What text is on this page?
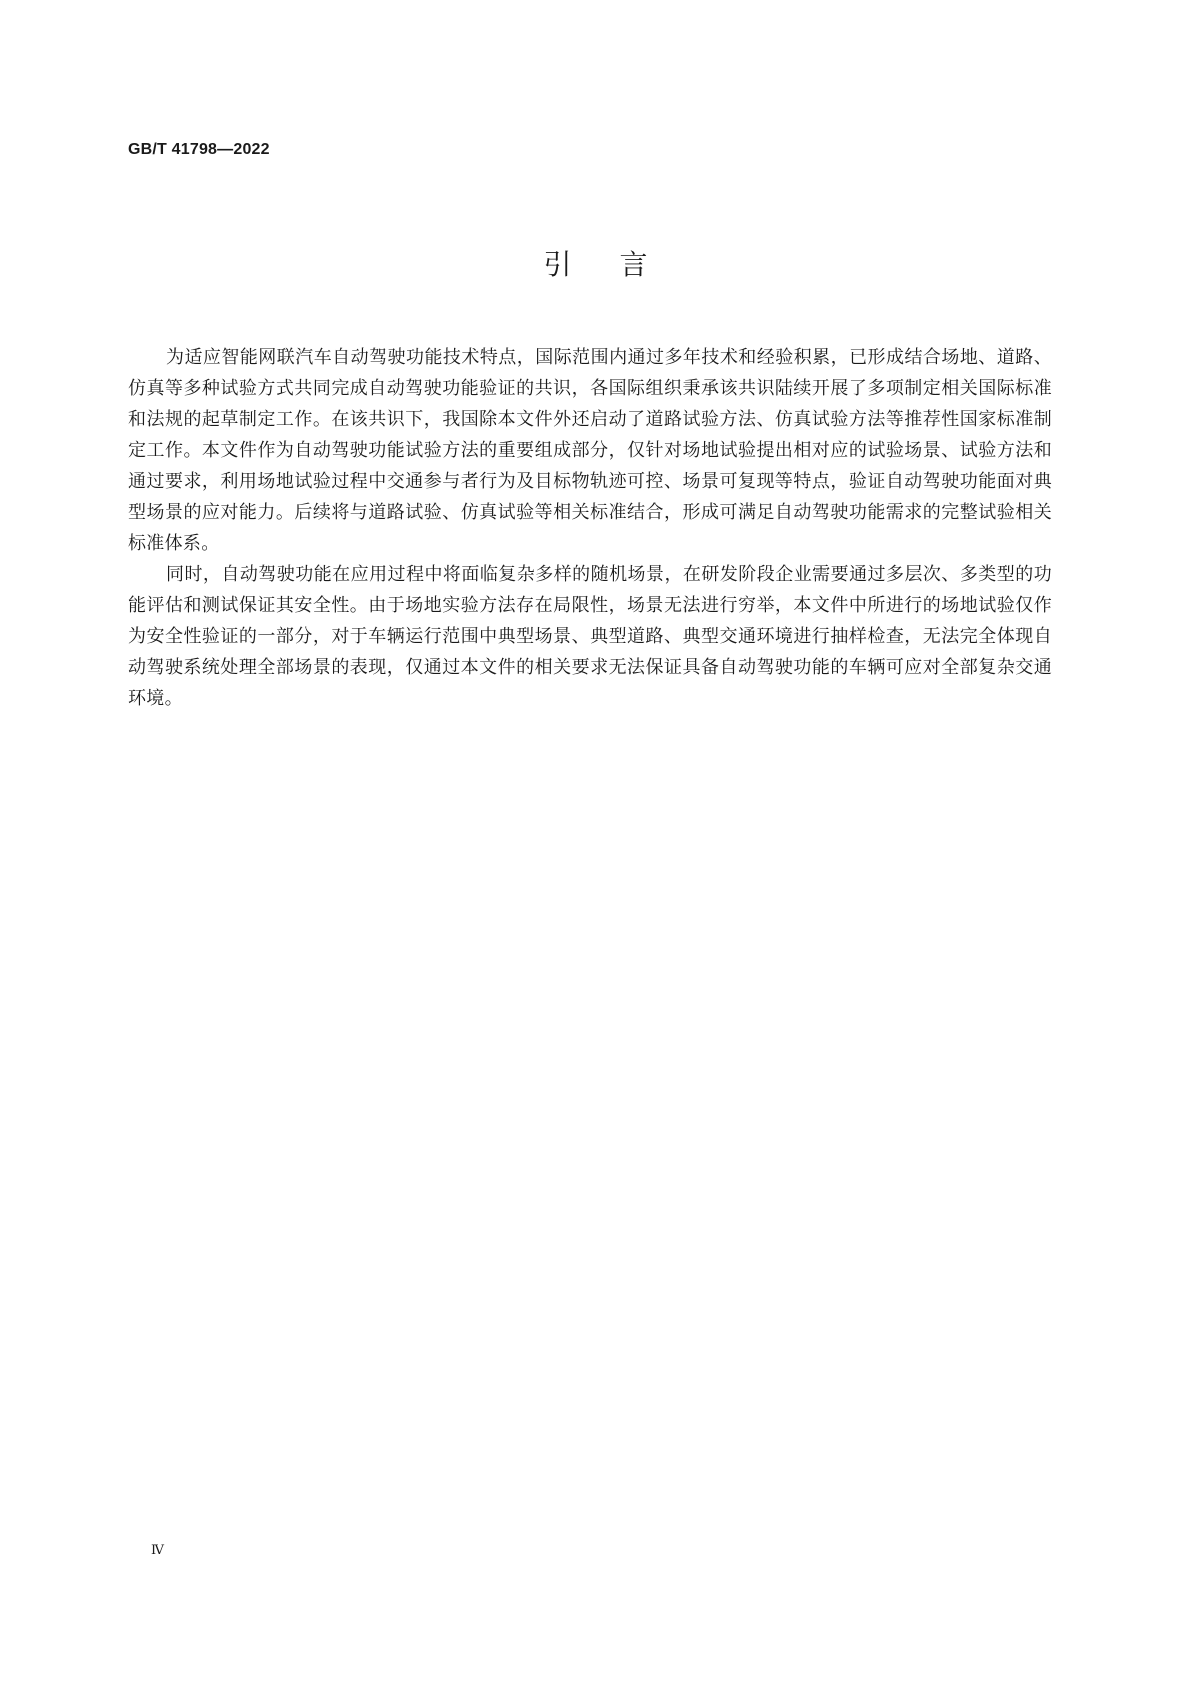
GB/T 41798—2022
引言

为适应智能网联汽车自动驾驶功能技术特点，国际范围内通过多年技术和经验积累，已形成结合场地、道路、仿真等多种试验方式共同完成自动驾驶功能验证的共识，各国际组织秉承该共识陆续开展了多项制定相关国际标准和法规的起草制定工作。在该共识下，我国除本文件外还启动了道路试验方法、仿真试验方法等推荐性国家标准制定工作。本文件作为自动驾驶功能试验方法的重要组成部分，仅针对场地试验提出相对应的试验场景、试验方法和通过要求，利用场地试验过程中交通参与者行为及目标物轨迹可控、场景可复现等特点，验证自动驾驶功能面对典型场景的应对能力。后续将与道路试验、仿真试验等相关标准结合，形成可满足自动驾驶功能需求的完整试验相关标准体系。

同时，自动驾驶功能在应用过程中将面临复杂多样的随机场景，在研发阶段企业需要通过多层次、多类型的功能评估和测试保证其安全性。由于场地实验方法存在局限性，场景无法进行穷举，本文件中所进行的场地试验仅作为安全性验证的一部分，对于车辆运行范围中典型场景、典型道路、典型交通环境进行抽样检查，无法完全体现自动驾驶系统处理全部场景的表现，仅通过本文件的相关要求无法保证具备自动驾驶功能的车辆可应对全部复杂交通环境。

Ⅳ
